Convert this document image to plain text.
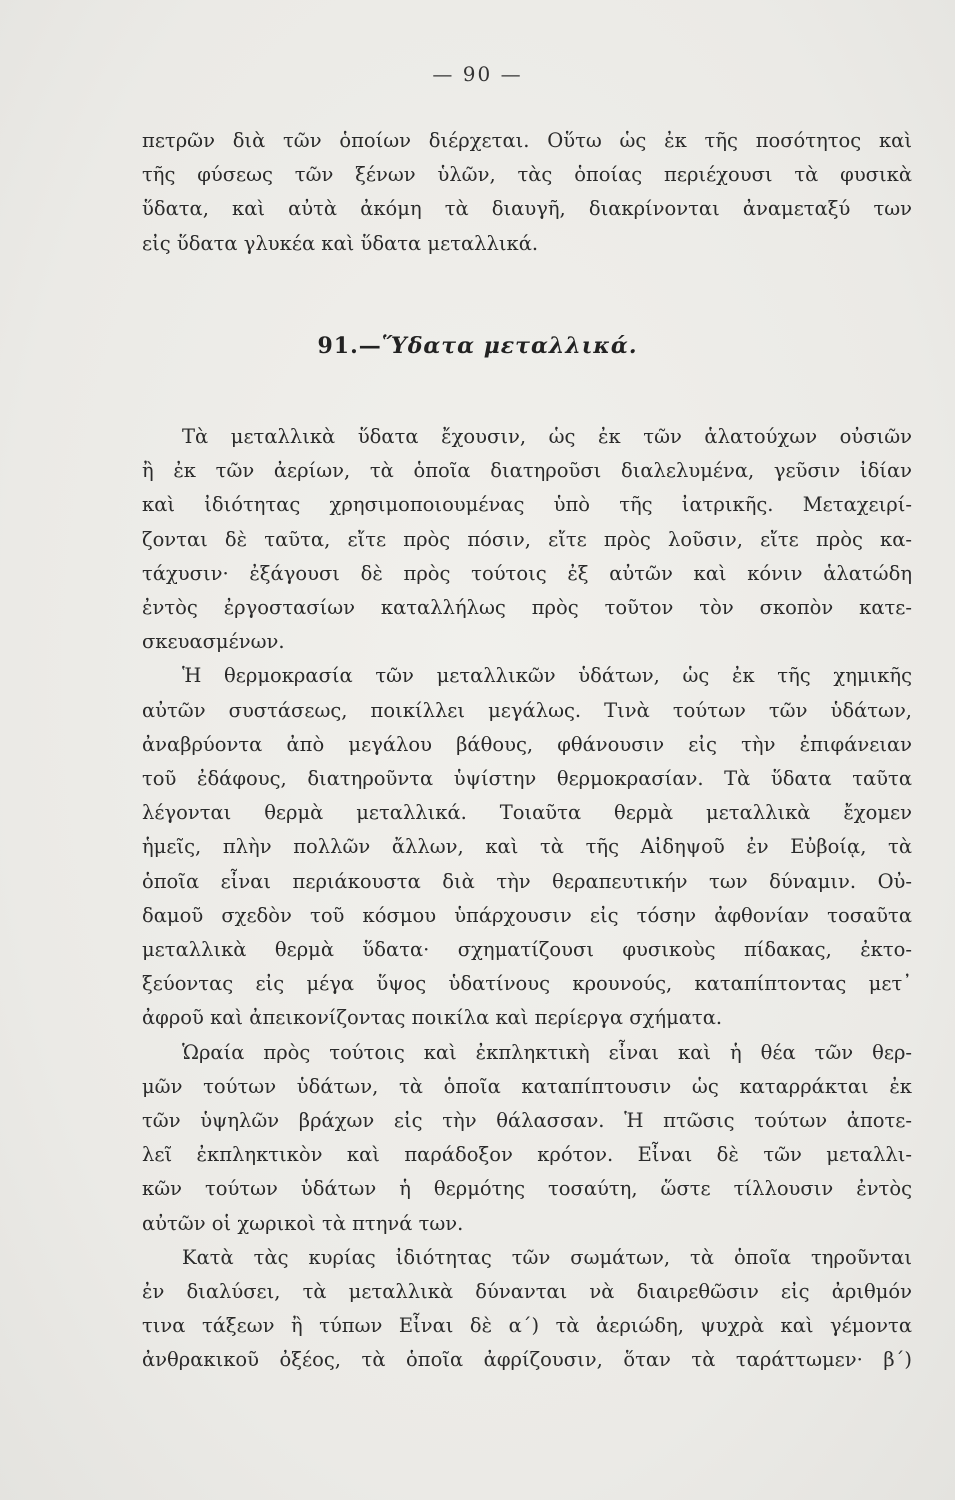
— 90 —
πετρῶν διὰ τῶν ὁποίων διέρχεται. Οὕτω ὡς ἐκ τῆς ποσότητος καὶ
τῆς φύσεως τῶν ξένων ὑλῶν, τὰς ὁποίας περιέχουσι τὰ φυσικὰ
ὕδατα, καὶ αὐτὰ ἀκόμη τὰ διαυγῆ, διακρίνονται ἀναμεταξύ των
εἰς ὕδατα γλυκέα καὶ ὕδατα μεταλλικά.
91.—Ὕδατα μεταλλικά.
Τὰ μεταλλικὰ ὕδατα ἔχουσιν, ὡς ἐκ τῶν ἁλατούχων οὐσιῶν
ἢ ἐκ τῶν ἀερίων, τὰ ὁποῖα διατηροῦσι διαλελυμένα, γεῦσιν ἰδίαν
καὶ ἰδιότητας χρησιμοποιουμένας ὑπὸ τῆς ἰατρικῆς. Μεταχειρί-
ζονται δὲ ταῦτα, εἴτε πρὸς πόσιν, εἴτε πρὸς λοῦσιν, εἴτε πρὸς κα-
τάχυσιν· ἐξάγουσι δὲ πρὸς τούτοις ἐξ αὐτῶν καὶ κόνιν ἁλατώδη
ἐντὸς ἐργοστασίων καταλλήλως πρὸς τοῦτον τὸν σκοπὸν κατε-
σκευασμένων.
Ἡ θερμοκρασία τῶν μεταλλικῶν ὑδάτων, ὡς ἐκ τῆς χημικῆς
αὐτῶν συστάσεως, ποικίλλει μεγάλως. Τινὰ τούτων τῶν ὑδάτων,
ἀναβρύοντα ἀπὸ μεγάλου βάθους, φθάνουσιν εἰς τὴν ἐπιφάνειαν
τοῦ ἐδάφους, διατηροῦντα ὑψίστην θερμοκρασίαν. Τὰ ὕδατα ταῦτα
λέγονται θερμὰ μεταλλικά. Τοιαῦτα θερμὰ μεταλλικὰ ἔχομεν
ἡμεῖς, πλὴν πολλῶν ἄλλων, καὶ τὰ τῆς Αἰδηψοῦ ἐν Εὐβοίᾳ, τὰ
ὁποῖα εἶναι περιάκουστα διὰ τὴν θεραπευτικήν των δύναμιν. Οὐ-
δαμοῦ σχεδὸν τοῦ κόσμου ὑπάρχουσιν εἰς τόσην ἀφθονίαν τοσαῦτα
μεταλλικὰ θερμὰ ὕδατα· σχηματίζουσι φυσικοὺς πίδακας, ἐκτο-
ξεύοντας εἰς μέγα ὕψος ὑδατίνους κρουνούς, καταπίπτοντας μετ᾽
ἀφροῦ καὶ ἀπεικονίζοντας ποικίλα καὶ περίεργα σχήματα.
Ὡραία πρὸς τούτοις καὶ ἐκπληκτικὴ εἶναι καὶ ἡ θέα τῶν θερ-
μῶν τούτων ὑδάτων, τὰ ὁποῖα καταπίπτουσιν ὡς καταρράκται ἐκ
τῶν ὑψηλῶν βράχων εἰς τὴν θάλασσαν. Ἡ πτῶσις τούτων ἀποτε-
λεῖ ἐκπληκτικὸν καὶ παράδοξον κρότον. Εἶναι δὲ τῶν μεταλλι-
κῶν τούτων ὑδάτων ἡ θερμότης τοσαύτη, ὥστε τίλλουσιν ἐντὸς
αὐτῶν οἱ χωρικοὶ τὰ πτηνά των.
Κατὰ τὰς κυρίας ἰδιότητας τῶν σωμάτων, τὰ ὁποῖα τηροῦνται
ἐν διαλύσει, τὰ μεταλλικὰ δύνανται νὰ διαιρεθῶσιν εἰς ἀριθμόν
τινα τάξεων ἢ τύπων Εἶναι δὲ α΄) τὰ ἀεριώδη, ψυχρὰ καὶ γέμοντα
ἀνθρακικοῦ ὀξέος, τὰ ὁποῖα ἀφρίζουσιν, ὅταν τὰ ταράττωμεν· β΄)
